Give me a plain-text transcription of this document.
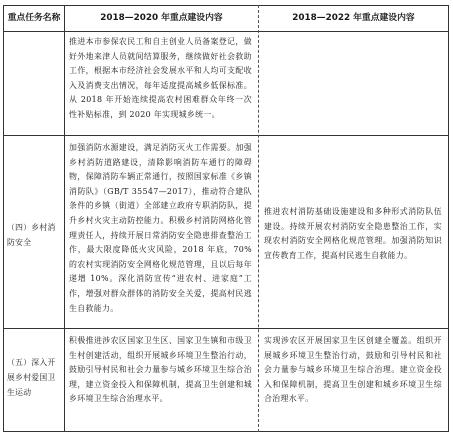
重点任务名称	2018—2020 年重点建设内容	2018—2022 年重点建设内容
推进本市参保农民工和自主创业人员备案登记，做好外地来津人员就间结算服务，继续做好社会救助工作，根据本市经济社会发展水平和人均可支配收入及消费支出情况，每年适度提高城乡低保标准。从 2018 年开始连续提高农村困难群众年终一次性补贴标准，到 2020 年实现城乡统一。
（四）乡村消防安全
加强消防水源建设，满足消防灭火工作需要。加强乡村消防道路建设，清除影响消防车通行的障碍物，保障消防车辆正常通行，按照国家标准《乡镇消防队》（GB/T 35547—2017），推动符合建队条件的乡镇（街道）全部建立政府专职消防队，提升乡村火灾主动防控能力。积极乡村消防网格化管理责任人，持续开展日常消防安全隐患排查整治工作，最大限度降低火灾风险，2018 年底，70%的农村实现消防安全网格化规范管理，且以后每年递增 10%。深化消防宣传“进农村、进家庭”工作，增强对群众群体的消防安全关爱，提高村民逃生自救能力。
推进农村消防基础设施建设和多种形式消防队伍建设。持续开展农村消防安全隐患整治工作，实现农村消防安全网格化规范管理。加强消防知识宣传教育工作，提高村民逃生自救能力。
（五）深入开展乡村爱国卫生运动
积极推进涉农区国家卫生区、国家卫生镇和市级卫生村创建活动，组织开展城乡环境卫生整治行动，鼓励引导村民和社会力量参与城乡环境卫生综合治理，建立资金投入和保障机制，提高卫生创建和城乡环境卫生综合治理水平。
实现涉农区开展国家卫生区创建全覆盖。组织开展城乡环境卫生整治行动，鼓励和引导村民和社会力量参与城乡环境卫生综合治理。建立资金投入和保障机制，提高卫生创建和城乡环境卫生综合治理水平。
